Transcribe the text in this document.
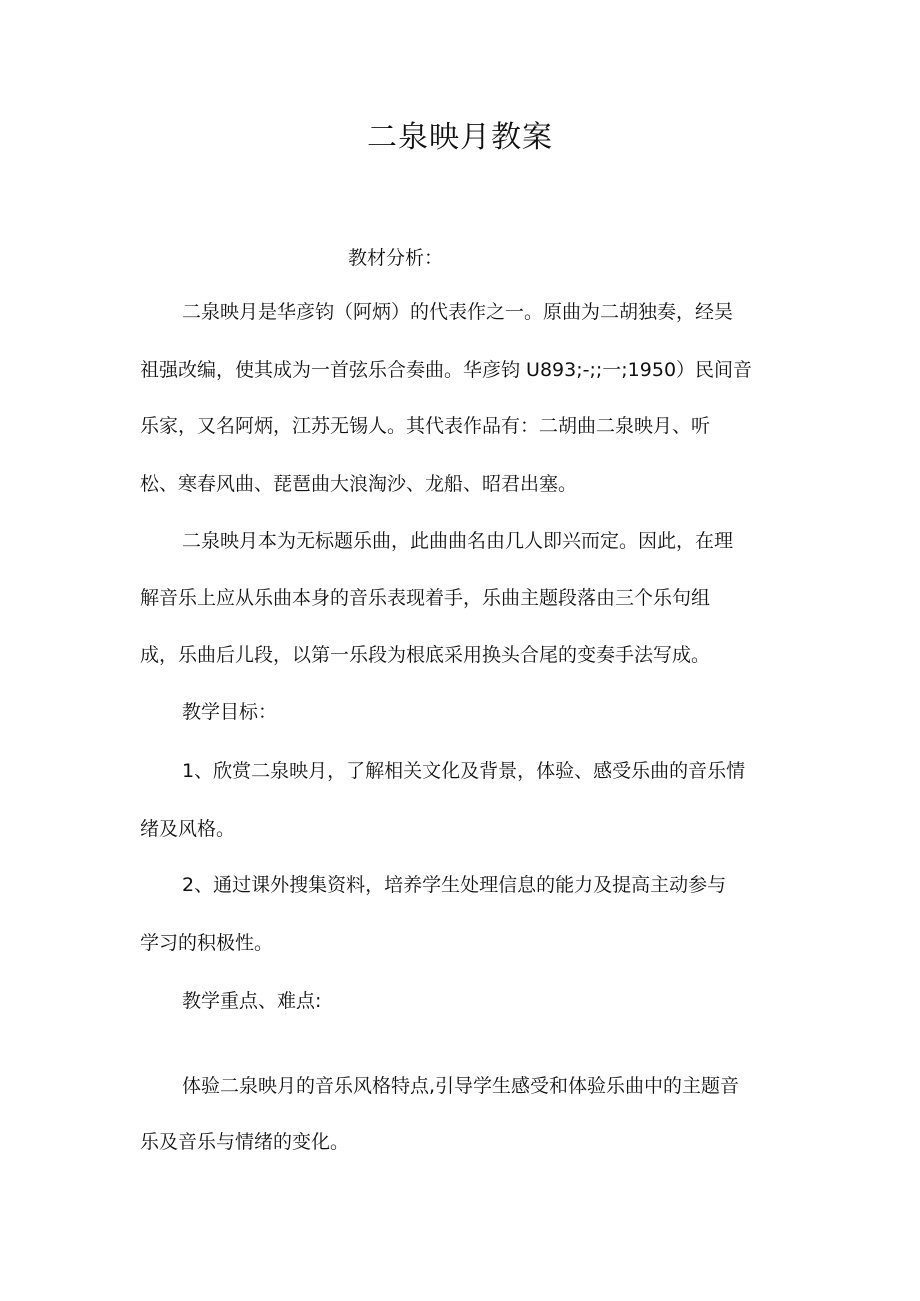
二泉映月教案
教材分析：
二泉映月是华彦钧（阿炳）的代表作之一。原曲为二胡独奏，经吴
祖强改编，使其成为一首弦乐合奏曲。华彦钧 U893;-;;一;1950）民间音
乐家，又名阿炳，江苏无锡人。其代表作品有：二胡曲二泉映月、听
松、寒春风曲、琵琶曲大浪淘沙、龙船、昭君出塞。
二泉映月本为无标题乐曲，此曲曲名由几人即兴而定。因此，在理
解音乐上应从乐曲本身的音乐表现着手，乐曲主题段落由三个乐句组
成，乐曲后儿段，以第一乐段为根底采用换头合尾的变奏手法写成。
教学目标：
1、欣赏二泉映月，了解相关文化及背景，体验、感受乐曲的音乐情
绪及风格。
2、通过课外搜集资料，培养学生处理信息的能力及提高主动参与
学习的积极性。
教学重点、难点:
体验二泉映月的音乐风格特点,引导学生感受和体验乐曲中的主题音
乐及音乐与情绪的变化。
